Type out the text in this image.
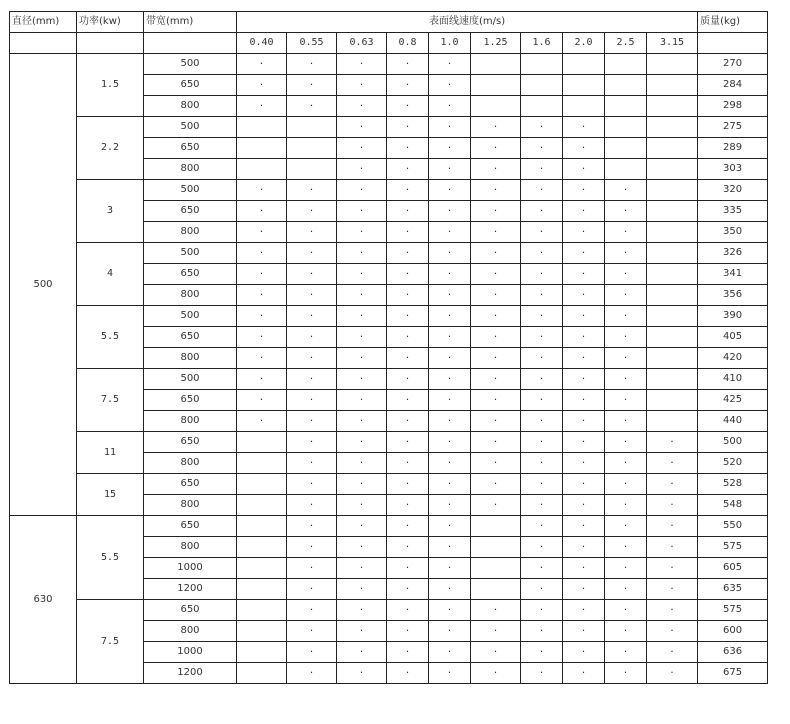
直径(mm)	功率(kw)	带宽(mm)	表面线速度(m/s)										质量(kg)
			0.40	0.55	0.63	0.8	1.0	1.25	1.6	2.0	2.5	3.15	
500	1.5	500	·	·	·	·	·						270
		650	·	·	·	·	·						284
		800	·	·	·	·	·						298
	2.2	500			·	·	·	·	·	·			275
		650			·	·	·	·	·	·			289
		800			·	·	·	·	·	·			303
	3	500	·	·	·	·	·	·	·	·	·		320
		650	·	·	·	·	·	·	·	·	·		335
		800	·	·	·	·	·	·	·	·	·		350
	4	500	·	·	·	·	·	·	·	·	·		326
		650	·	·	·	·	·	·	·	·	·		341
		800	·	·	·	·	·	·	·	·	·		356
	5.5	500	·	·	·	·	·	·	·	·	·		390
		650	·	·	·	·	·	·	·	·	·		405
		800	·	·	·	·	·	·	·	·	·		420
	7.5	500	·	·	·	·	·	·	·	·	·		410
		650	·	·	·	·	·	·	·	·	·		425
		800	·	·	·	·	·	·	·	·	·		440
	11	650		·	·	·	·	·	·	·	·	·	500
		800		·	·	·	·	·	·	·	·	·	520
	15	650		·	·	·	·	·	·	·	·	·	528
		800		·	·	·	·	·	·	·	·	·	548
630	5.5	650		·	·	·	·		·	·	·	·	550
		800		·	·	·	·		·	·	·	·	575
		1000		·	·	·	·		·	·	·	·	605
		1200		·	·	·	·		·	·	·	·	635
	7.5	650		·	·	·	·	·	·	·	·	·	575
		800		·	·	·	·	·	·	·	·	·	600
		1000		·	·	·	·	·	·	·	·	·	636
		1200		·	·	·	·	·	·	·	·	·	675
